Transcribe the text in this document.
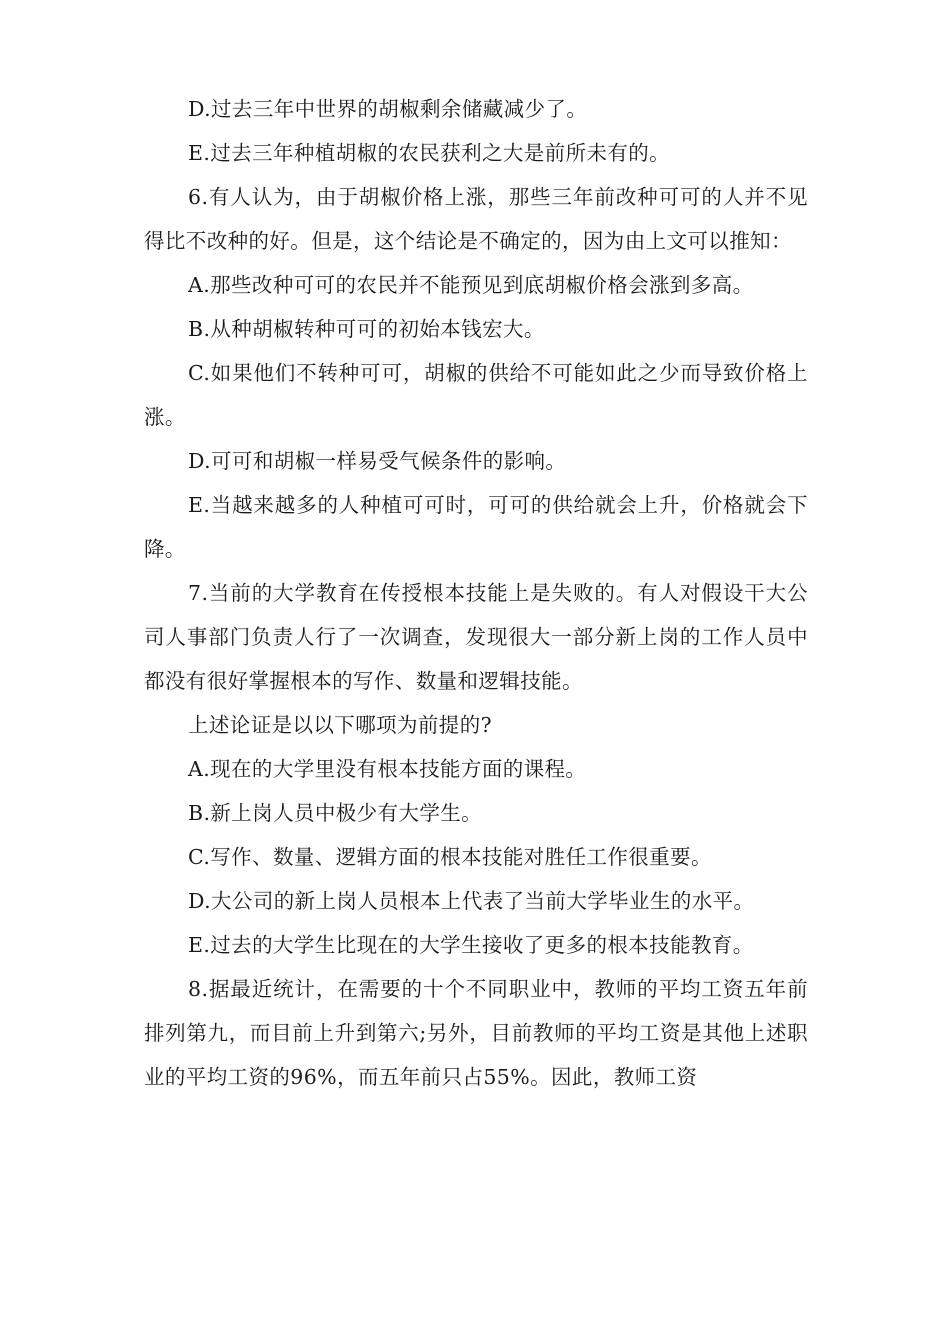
D.过去三年中世界的胡椒剩余储藏减少了。

E.过去三年种植胡椒的农民获利之大是前所未有的。

6.有人认为，由于胡椒价格上涨，那些三年前改种可可的人并不见得比不改种的好。但是，这个结论是不确定的，因为由上文可以推知：

A.那些改种可可的农民并不能预见到底胡椒价格会涨到多高。

B.从种胡椒转种可可的初始本钱宏大。

C.如果他们不转种可可，胡椒的供给不可能如此之少而导致价格上涨。

D.可可和胡椒一样易受气候条件的影响。

E.当越来越多的人种植可可时，可可的供给就会上升，价格就会下降。

7.当前的大学教育在传授根本技能上是失败的。有人对假设干大公司人事部门负责人行了一次调查，发现很大一部分新上岗的工作人员中都没有很好掌握根本的写作、数量和逻辑技能。

上述论证是以以下哪项为前提的?

A.现在的大学里没有根本技能方面的课程。

B.新上岗人员中极少有大学生。

C.写作、数量、逻辑方面的根本技能对胜任工作很重要。

D.大公司的新上岗人员根本上代表了当前大学毕业生的水平。

E.过去的大学生比现在的大学生接收了更多的根本技能教育。

8.据最近统计，在需要的十个不同职业中，教师的平均工资五年前排列第九，而目前上升到第六;另外，目前教师的平均工资是其他上述职业的平均工资的96%，而五年前只占55%。因此，教师工资
